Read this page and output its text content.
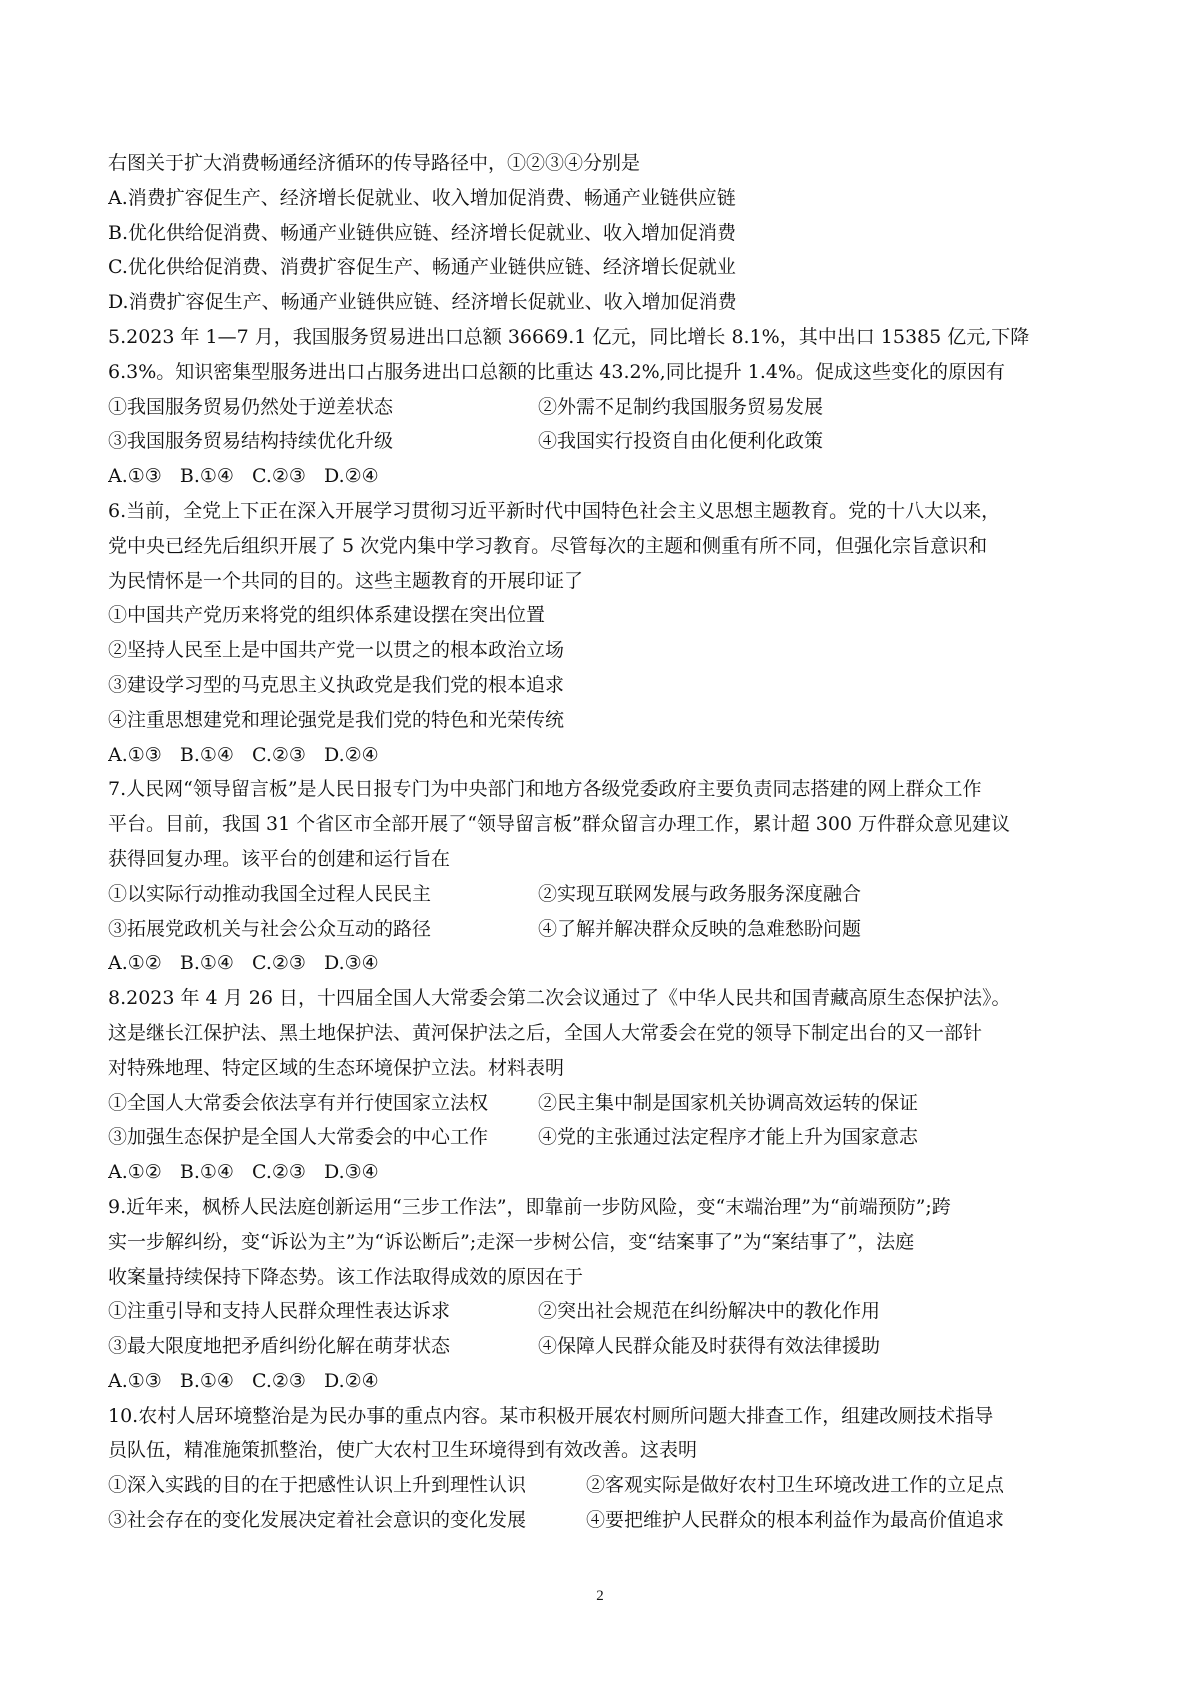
右图关于扩大消费畅通经济循环的传导路径中，①②③④分别是
A.消费扩容促生产、经济增长促就业、收入增加促消费、畅通产业链供应链
B.优化供给促消费、畅通产业链供应链、经济增长促就业、收入增加促消费
C.优化供给促消费、消费扩容促生产、畅通产业链供应链、经济增长促就业
D.消费扩容促生产、畅通产业链供应链、经济增长促就业、收入增加促消费
5.2023 年 1—7 月，我国服务贸易进出口总额 36669.1 亿元，同比增长 8.1%，其中出口 15385 亿元,下降
6.3%。知识密集型服务进出口占服务进出口总额的比重达 43.2%,同比提升 1.4%。促成这些变化的原因有
①我国服务贸易仍然处于逆差状态	②外需不足制约我国服务贸易发展
③我国服务贸易结构持续优化升级	④我国实行投资自由化便利化政策
A.①③ B.①④ C.②③ D.②④
6.当前，全党上下正在深入开展学习贯彻习近平新时代中国特色社会主义思想主题教育。党的十八大以来，
党中央已经先后组织开展了 5 次党内集中学习教育。尽管每次的主题和侧重有所不同，但强化宗旨意识和
为民情怀是一个共同的目的。这些主题教育的开展印证了
①中国共产党历来将党的组织体系建设摆在突出位置
②坚持人民至上是中国共产党一以贯之的根本政治立场
③建设学习型的马克思主义执政党是我们党的根本追求
④注重思想建党和理论强党是我们党的特色和光荣传统
A.①③ B.①④ C.②③ D.②④
7.人民网“领导留言板”是人民日报专门为中央部门和地方各级党委政府主要负责同志搭建的网上群众工作
平台。目前，我国 31 个省区市全部开展了“领导留言板”群众留言办理工作，累计超 300 万件群众意见建议
获得回复办理。该平台的创建和运行旨在
①以实际行动推动我国全过程人民民主	②实现互联网发展与政务服务深度融合
③拓展党政机关与社会公众互动的路径	④了解并解决群众反映的急难愁盼问题
A.①② B.①④ C.②③ D.③④
8.2023 年 4 月 26 日，十四届全国人大常委会第二次会议通过了《中华人民共和国青藏高原生态保护法》。
这是继长江保护法、黑土地保护法、黄河保护法之后，全国人大常委会在党的领导下制定出台的又一部针
对特殊地理、特定区域的生态环境保护立法。材料表明
①全国人大常委会依法享有并行使国家立法权	②民主集中制是国家机关协调高效运转的保证
③加强生态保护是全国人大常委会的中心工作	④党的主张通过法定程序才能上升为国家意志
A.①② B.①④ C.②③ D.③④
9.近年来，枫桥人民法庭创新运用“三步工作法”，即靠前一步防风险，变“末端治理”为“前端预防”;跨
实一步解纠纷，变“诉讼为主”为“诉讼断后”;走深一步树公信，变“结案事了”为“案结事了”，法庭
收案量持续保持下降态势。该工作法取得成效的原因在于
①注重引导和支持人民群众理性表达诉求	②突出社会规范在纠纷解决中的教化作用
③最大限度地把矛盾纠纷化解在萌芽状态	④保障人民群众能及时获得有效法律援助
A.①③ B.①④ C.②③ D.②④
10.农村人居环境整治是为民办事的重点内容。某市积极开展农村厕所问题大排查工作，组建改厕技术指导
员队伍，精准施策抓整治，使广大农村卫生环境得到有效改善。这表明
①深入实践的目的在于把感性认识上升到理性认识	②客观实际是做好农村卫生环境改进工作的立足点
③社会存在的变化发展决定着社会意识的变化发展	④要把维护人民群众的根本利益作为最高价值追求
2
